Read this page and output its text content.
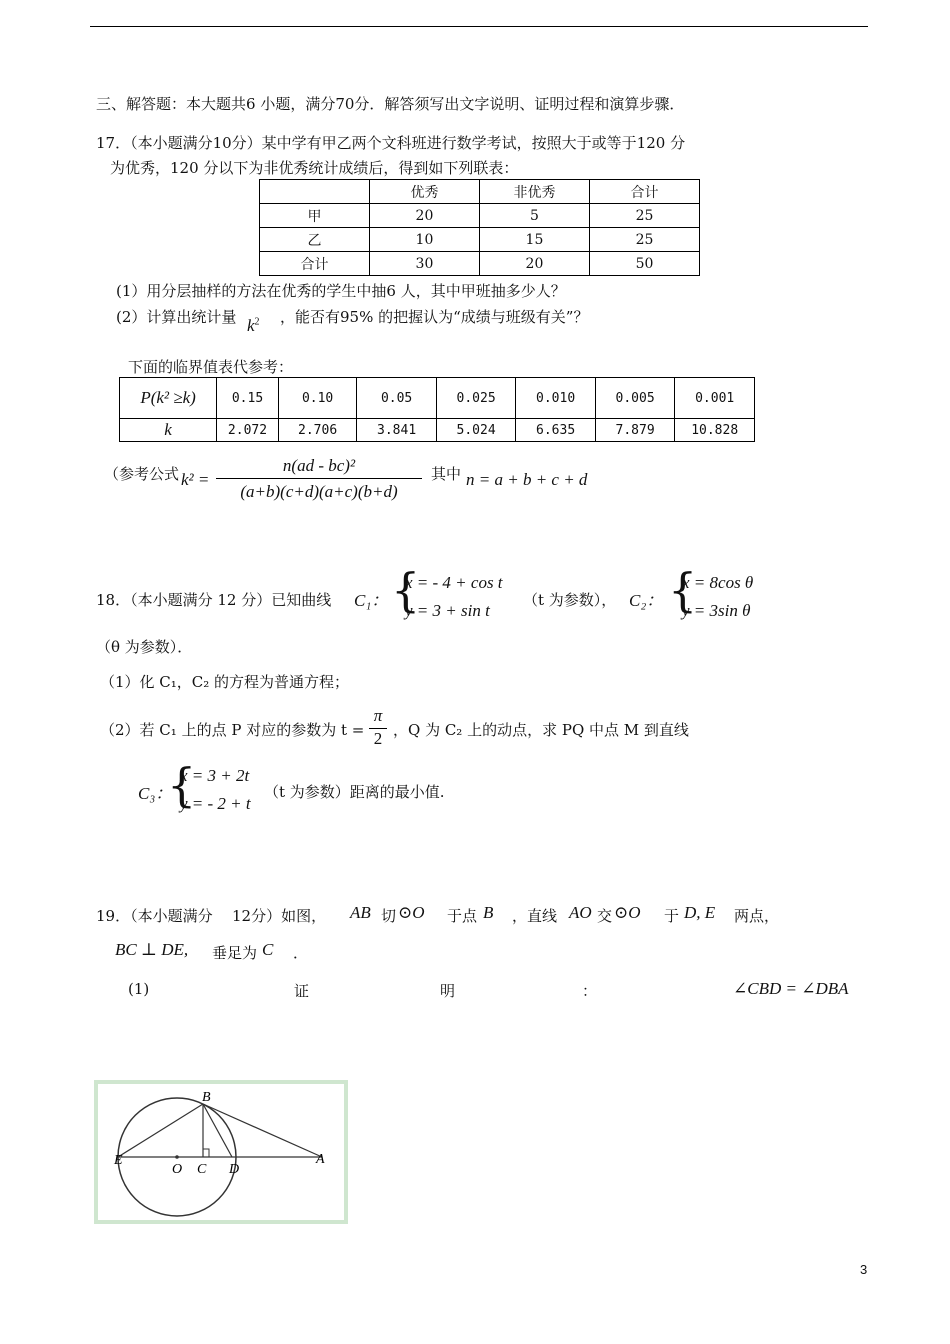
三、解答题：本大题共6 小题，满分70分．解答须写出文字说明、证明过程和演算步骤．
17．（本小题满分10分）某中学有甲乙两个文科班进行数学考试，按照大于或等于120 分
为优秀，120 分以下为非优秀统计成绩后，得到如下列联表：
	优秀	非优秀	合计
甲	20	5	25
乙	10	15	25
合计	30	20	50
(1）用分层抽样的方法在优秀的学生中抽6 人，其中甲班抽多少人？
(2）计算出统计量 $k^2$ ，能否有95% 的把握认为“成绩与班级有关”？
下面的临界值表代参考：
P(k² ≥k)	0.15	0.10	0.05	0.025	0.010	0.005	0.001
k	2.072	2.706	3.841	5.024	6.635	7.879	10.828
（参考公式 $k^2 = \frac{\text{n(ad - bc)²}}{(a+b)(c+d)(a+c)(b+d)}$ 其中 n = a + b + c + d
18．（本小题满分 12 分）已知曲线 C₁： {
x = - 4 + cos t
y = 3 + sin t
（t 为参数）， C₂： {
x = 8cos θ
y = 3sin θ
（θ 为参数）．
（1）化 C₁，C₂ 的方程为普通方程；
（2）若 C₁ 上的点 P 对应的参数为 $t = \frac{\pi}{2}$ ，Q 为 C₂ 上的动点，求 PQ 中点 M 到直线
C₃：
{
x = 3 + 2t
y = - 2 + t
（t 为参数）距离的最小值.
19．（本小题满分 12分）如图， AB 切 ⊙O 于点 B ，直线 AO 交 ⊙O 于 D, E 两点，
BC ⊥ DE, 垂足为 C ．
(1)	证	明	：	∠CBD = ∠DBA
B
E
O C D
A
3
